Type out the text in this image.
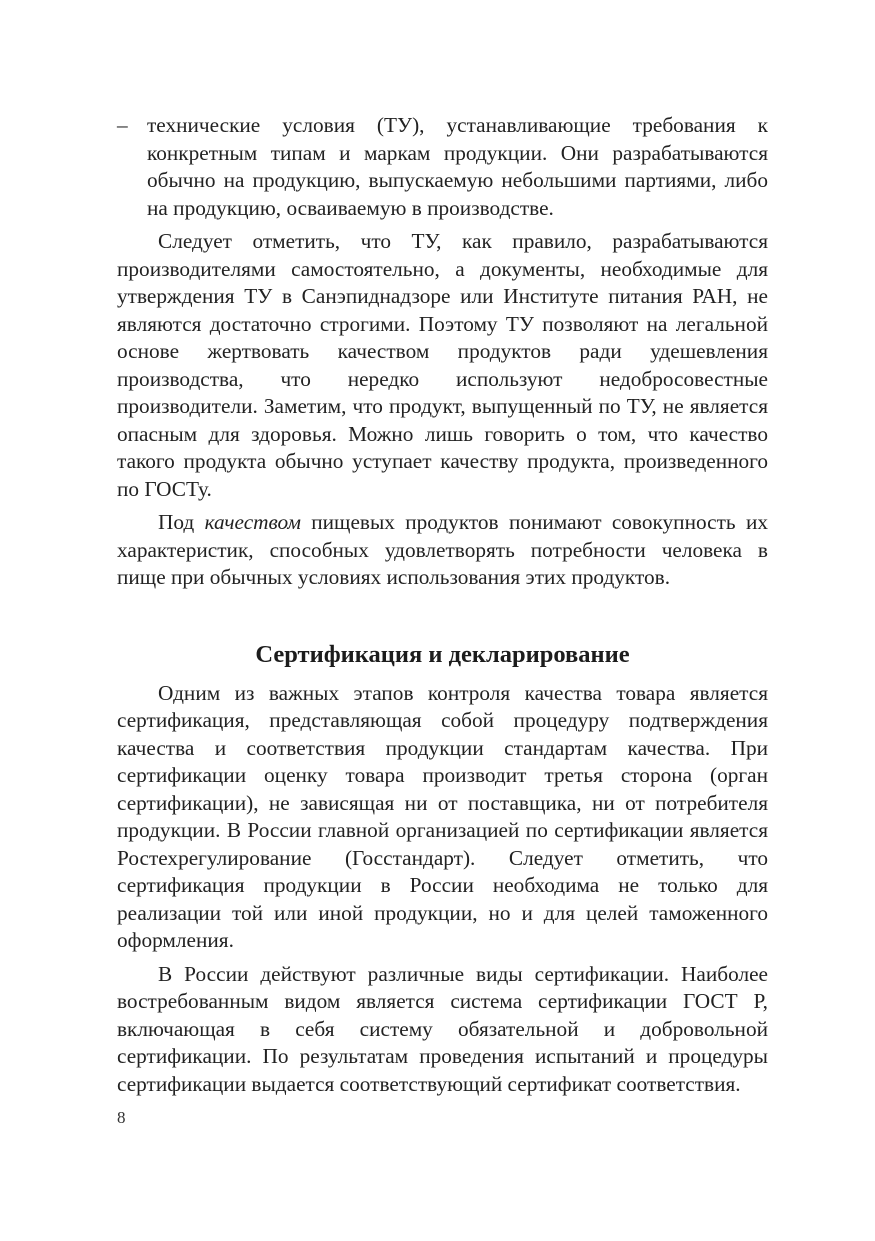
– технические условия (ТУ), устанавливающие требования к конкретным типам и маркам продукции. Они разрабатываются обычно на продукцию, выпускаемую небольшими партиями, либо на продукцию, осваиваемую в производстве.

Следует отметить, что ТУ, как правило, разрабатываются производителями самостоятельно, а документы, необходимые для утверждения ТУ в Санэпиднадзоре или Институте питания РАН, не являются достаточно строгими. Поэтому ТУ позволяют на легальной основе жертвовать качеством продуктов ради удешевления производства, что нередко используют недобросовестные производители. Заметим, что продукт, выпущенный по ТУ, не является опасным для здоровья. Можно лишь говорить о том, что качество такого продукта обычно уступает качеству продукта, произведенного по ГОСТу.

Под качеством пищевых продуктов понимают совокупность их характеристик, способных удовлетворять потребности человека в пище при обычных условиях использования этих продуктов.

Сертификация и декларирование

Одним из важных этапов контроля качества товара является сертификация, представляющая собой процедуру подтверждения качества и соответствия продукции стандартам качества. При сертификации оценку товара производит третья сторона (орган сертификации), не зависящая ни от поставщика, ни от потребителя продукции. В России главной организацией по сертификации является Ростехрегулирование (Госстандарт). Следует отметить, что сертификация продукции в России необходима не только для реализации той или иной продукции, но и для целей таможенного оформления.

В России действуют различные виды сертификации. Наиболее востребованным видом является система сертификации ГОСТ Р, включающая в себя систему обязательной и добровольной сертификации. По результатам проведения испытаний и процедуры сертификации выдается соответствующий сертификат соответствия.

8
